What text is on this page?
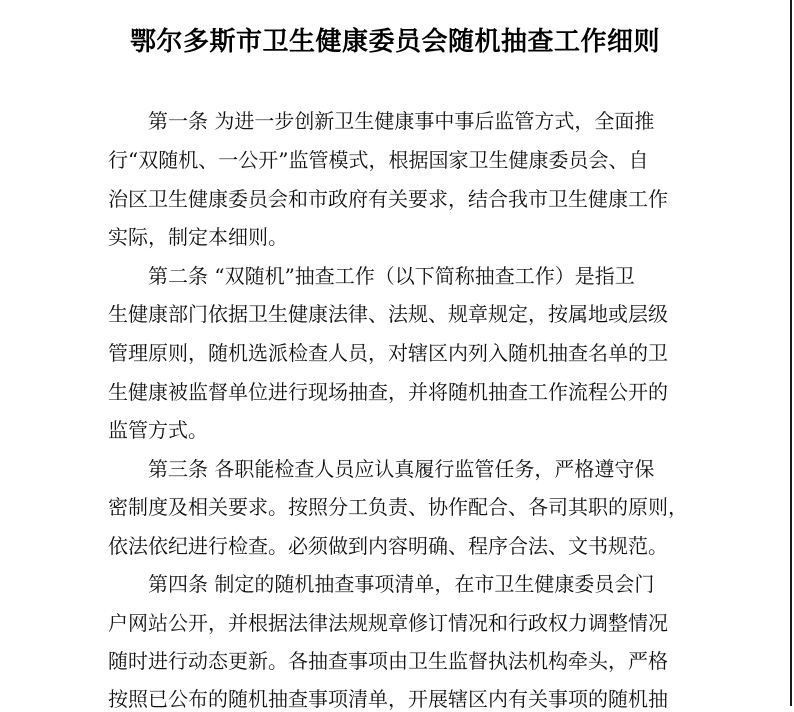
鄂尔多斯市卫生健康委员会随机抽查工作细则
第一条 为进一步创新卫生健康事中事后监管方式，全面推
行“双随机、一公开”监管模式，根据国家卫生健康委员会、自
治区卫生健康委员会和市政府有关要求，结合我市卫生健康工作
实际，制定本细则。
第二条 “双随机”抽查工作（以下简称抽查工作）是指卫
生健康部门依据卫生健康法律、法规、规章规定，按属地或层级
管理原则，随机选派检查人员，对辖区内列入随机抽查名单的卫
生健康被监督单位进行现场抽查，并将随机抽查工作流程公开的
监管方式。
第三条 各职能检查人员应认真履行监管任务，严格遵守保
密制度及相关要求。按照分工负责、协作配合、各司其职的原则，
依法依纪进行检查。必须做到内容明确、程序合法、文书规范。
第四条 制定的随机抽查事项清单，在市卫生健康委员会门
户网站公开，并根据法律法规规章修订情况和行政权力调整情况
随时进行动态更新。各抽查事项由卫生监督执法机构牵头，严格
按照已公布的随机抽查事项清单，开展辖区内有关事项的随机抽
